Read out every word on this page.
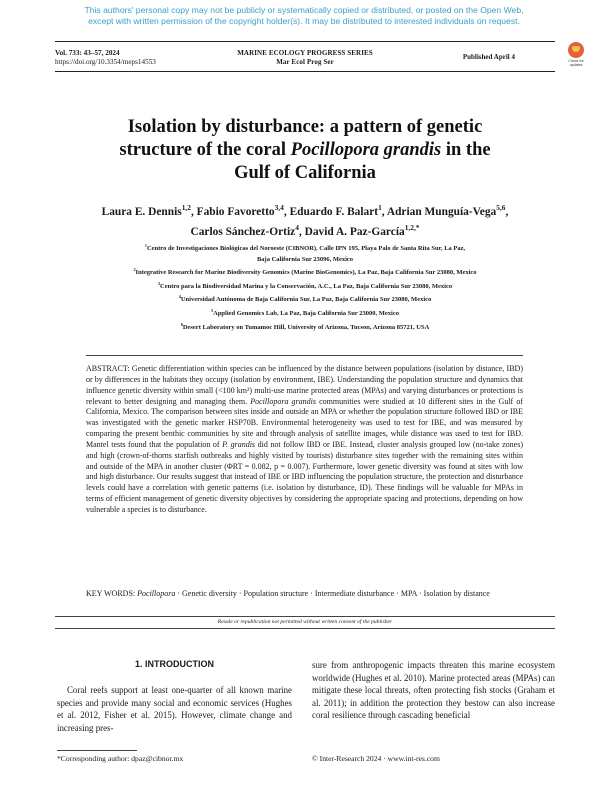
This authors' personal copy may not be publicly or systematically copied or distributed, or posted on the Open Web,
except with written permission of the copyright holder(s). It may be distributed to interested individuals on request.
Vol. 733: 43–57, 2024
https://doi.org/10.3354/meps14553
MARINE ECOLOGY PROGRESS SERIES
Mar Ecol Prog Ser
Published April 4	Check for updates
Isolation by disturbance: a pattern of genetic
structure of the coral Pocillopora grandis in the
Gulf of California
Laura E. Dennis$^{1,2}$, Fabio Favoretto$^{3,4}$, Eduardo F. Balart$^1$, Adrian Munguía-Vega$^{5,6}$,
Carlos Sánchez-Ortiz$^4$, David A. Paz-García$^{1,2,*}$
$^1$Centro de Investigaciones Biológicas del Noroeste (CIBNOR), Calle IPN 195, Playa Palo de Santa Rita Sur, La Paz,
Baja California Sur 23096, Mexico
$^2$Integrative Research for Marine Biodiversity Genomics (Marine BioGenomics), La Paz, Baja California Sur 23080, Mexico
$^3$Centro para la Biodiversidad Marina y la Conservación, A.C., La Paz, Baja California Sur 23080, Mexico
$^4$Universidad Autónoma de Baja California Sur, La Paz, Baja California Sur 23080, Mexico
$^5$Applied Genomics Lab, La Paz, Baja California Sur 23000, Mexico
$^6$Desert Laboratory on Tumamoc Hill, University of Arizona, Tucson, Arizona 85721, USA
ABSTRACT: Genetic differentiation within species can be influenced by the distance between populations (isolation by distance, IBD) or by differences in the habitats they occupy (isolation by environment, IBE). Understanding the population structure and dynamics that influence genetic diversity within small (<100 km²) multi-use marine protected areas (MPAs) and varying disturbances or protections is relevant to better designing and managing them. Pocillopora grandis communities were studied at 10 different sites in the Gulf of California, Mexico. The comparison between sites inside and outside an MPA or whether the population structure followed IBD or IBE was investigated with the genetic marker HSP70B. Environmental heterogeneity was used to test for IBE, and was measured by comparing the present benthic communities by site and through analysis of satellite images, while distance was used to test for IBD. Mantel tests found that the population of P. grandis did not follow IBD or IBE. Instead, cluster analysis grouped low (no-take zones) and high (crown-of-thorns starfish outbreaks and highly visited by tourists) disturbance sites together with the remaining sites within and outside of the MPA in another cluster (ΦRT = 0.082, p = 0.007). Furthermore, lower genetic diversity was found at sites with low and high disturbance. Our results suggest that instead of IBE or IBD influencing the population structure, the protection and disturbance levels could have a correlation with genetic patterns (i.e. isolation by disturbance, ID). These findings will be valuable for MPAs in terms of efficient management of genetic diversity objectives by considering the appropriate spacing and protections, depending on how vulnerable a species is to disturbance.
KEY WORDS: Pocillopora · Genetic diversity · Population structure · Intermediate disturbance · MPA · Isolation by distance
Resale or republication not permitted without written consent of the publisher
1. INTRODUCTION
Coral reefs support at least one-quarter of all known marine species and provide many social and economic services (Hughes et al. 2012, Fisher et al. 2015). However, climate change and increasing pres-
sure from anthropogenic impacts threaten this marine ecosystem worldwide (Hughes et al. 2010). Marine protected areas (MPAs) can mitigate these local threats, often protecting fish stocks (Graham et al. 2011); in addition the protection they bestow can also increase coral resilience through cascading beneficial
*Corresponding author: dpaz@cibnor.mx	© Inter-Research 2024 · www.int-res.com
